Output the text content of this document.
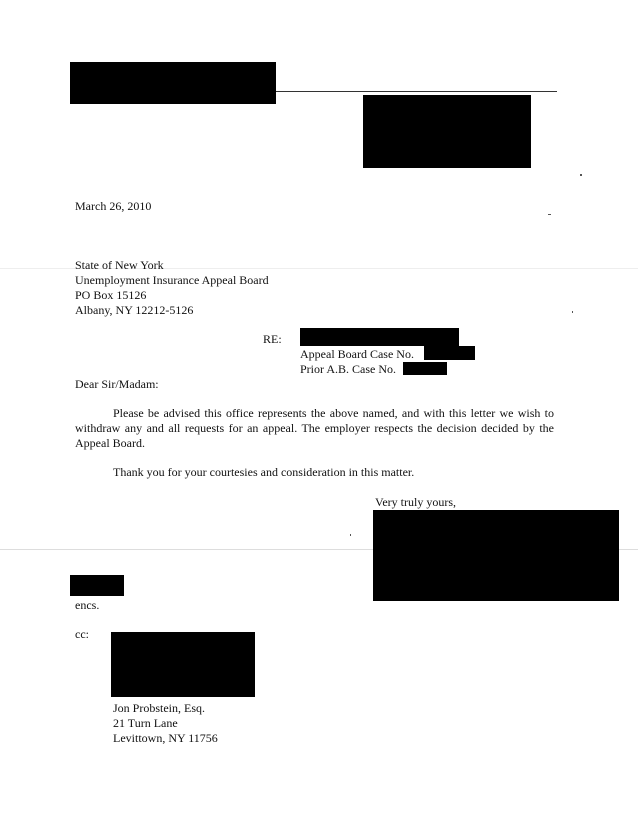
March 26, 2010
State of New York
Unemployment Insurance Appeal Board
PO Box 15126
Albany, NY 12212-5126
RE:
Appeal Board Case No.
Prior A.B. Case No.
Dear Sir/Madam:
Please be advised this office represents the above named, and with this letter we wish to withdraw any and all requests for an appeal. The employer respects the decision decided by the Appeal Board.
Thank you for your courtesies and consideration in this matter.
Very truly yours,
encs.
cc:
Jon Probstein, Esq.
21 Turn Lane
Levittown, NY 11756
